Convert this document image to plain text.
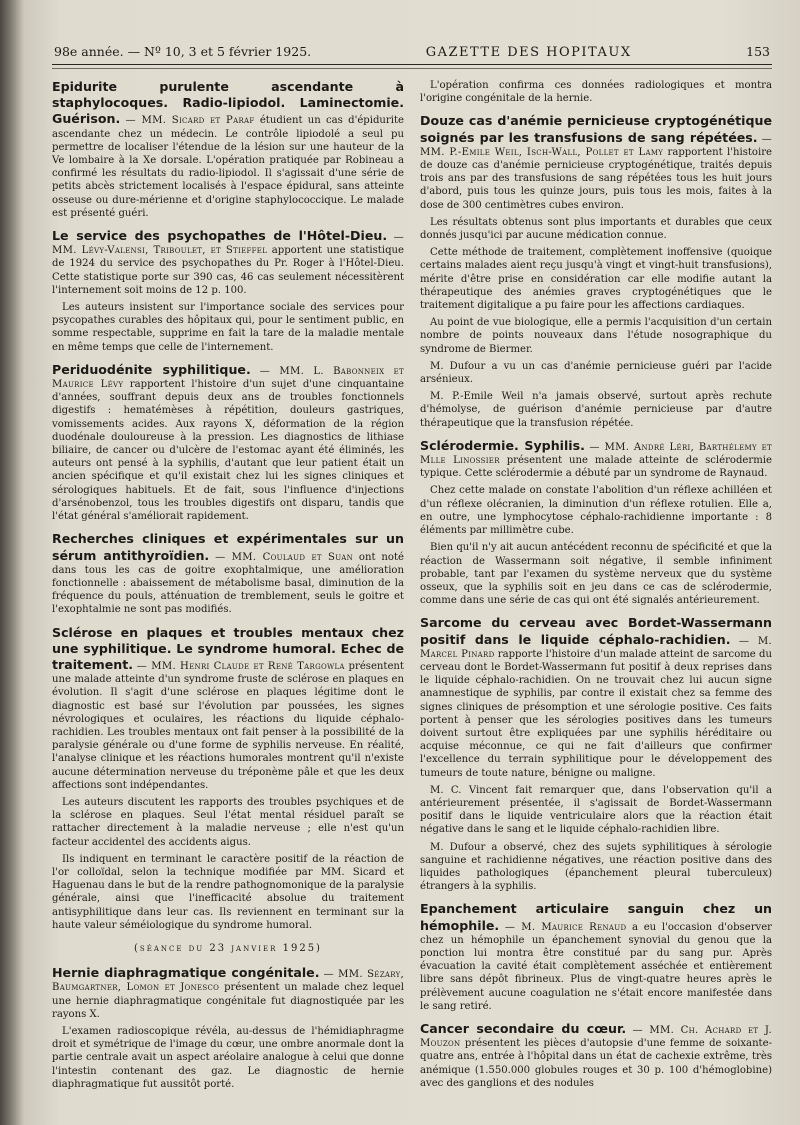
98e année. — Nº 10, 3 et 5 février 1925.	GAZETTE DES HOPITAUX	153

Epidurite purulente ascendante à staphylocoques. Radio-lipiodol. Laminectomie. Guérison. — MM. Sicard et Paraf étudient un cas d'épidurite ascendante chez un médecin. Le contrôle lipiodolé a seul pu permettre de localiser l'étendue de la lésion sur une hauteur de la Ve lombaire à la Xe dorsale. L'opération pratiquée par Robineau a confirmé les résultats du radio-lipiodol. Il s'agissait d'une série de petits abcès strictement localisés à l'espace épidural, sans atteinte osseuse ou dure-mérienne et d'origine staphylococcique. Le malade est présenté guéri.

Le service des psychopathes de l'Hôtel-Dieu. — MM. Lévy-Valensi, Triboulet, et Stieffel apportent une statistique de 1924 du service des psychopathes du Pr. Roger à l'Hôtel-Dieu. Cette statistique porte sur 390 cas, 46 cas seulement nécessitèrent l'internement soit moins de 12 p. 100.

Les auteurs insistent sur l'importance sociale des services pour psycopathes curables des hôpitaux qui, pour le sentiment public, en somme respectable, supprime en fait la tare de la maladie mentale en même temps que celle de l'internement.

Periduodénite syphilitique. — MM. L. Babonneix et Maurice Lévy rapportent l'histoire d'un sujet d'une cinquantaine d'années, souffrant depuis deux ans de troubles fonctionnels digestifs : hematémèses à répétition, douleurs gastriques, vomissements acides. Aux rayons X, déformation de la région duodénale douloureuse à la pression. Les diagnostics de lithiase biliaire, de cancer ou d'ulcère de l'estomac ayant été éliminés, les auteurs ont pensé à la syphilis, d'autant que leur patient était un ancien spécifique et qu'il existait chez lui les signes cliniques et sérologiques habituels. Et de fait, sous l'influence d'injections d'arsénobenzol, tous les troubles digestifs ont disparu, tandis que l'état général s'améliorait rapidement.

Recherches cliniques et expérimentales sur un sérum antithyroïdien. — MM. Coulaud et Suan ont noté dans tous les cas de goitre exophtalmique, une amélioration fonctionnelle : abaissement de métabolisme basal, diminution de la fréquence du pouls, atténuation de tremblement, seuls le goitre et l'exophtalmie ne sont pas modifiés.

Sclérose en plaques et troubles mentaux chez une syphilitique. Le syndrome humoral. Echec de traitement. — MM. Henri Claude et René Targowla présentent une malade atteinte d'un syndrome fruste de sclérose en plaques en évolution. Il s'agit d'une sclérose en plaques légitime dont le diagnostic est basé sur l'évolution par poussées, les signes névrologiques et oculaires, les réactions du liquide céphalo-rachidien. Les troubles mentaux ont fait penser à la possibilité de la paralysie générale ou d'une forme de syphilis nerveuse. En réalité, l'analyse clinique et les réactions humorales montrent qu'il n'existe aucune détermination nerveuse du tréponème pâle et que les deux affections sont indépendantes.

Les auteurs discutent les rapports des troubles psychiques et de la sclérose en plaques. Seul l'état mental résiduel paraît se rattacher directement à la maladie nerveuse ; elle n'est qu'un facteur accidentel des accidents aigus.

Ils indiquent en terminant le caractère positif de la réaction de l'or colloïdal, selon la technique modifiée par MM. Sicard et Haguenau dans le but de la rendre pathognomonique de la paralysie générale, ainsi que l'inefficacité absolue du traitement antisyphilitique dans leur cas. Ils reviennent en terminant sur la haute valeur séméiologique du syndrome humoral.

(séance du 23 janvier 1925)

Hernie diaphragmatique congénitale. — MM. Sézary, Baumgartner, Lomon et Jonesco présentent un malade chez lequel une hernie diaphragmatique congénitale fut diagnostiquée par les rayons X.

L'examen radioscopique révéla, au-dessus de l'hémidiaphragme droit et symétrique de l'image du cœur, une ombre anormale dont la partie centrale avait un aspect aréolaire analogue à celui que donne l'intestin contenant des gaz. Le diagnostic de hernie diaphragmatique fut aussitôt porté.

L'opération confirma ces données radiologiques et montra l'origine congénitale de la hernie.

Douze cas d'anémie pernicieuse cryptogénétique soignés par les transfusions de sang répétées. — MM. P.-Emile Weil, Isch-Wall, Pollet et Lamy rapportent l'histoire de douze cas d'anémie pernicieuse cryptogénétique, traités depuis trois ans par des transfusions de sang répétées tous les huit jours d'abord, puis tous les quinze jours, puis tous les mois, faites à la dose de 300 centimètres cubes environ.

Les résultats obtenus sont plus importants et durables que ceux donnés jusqu'ici par aucune médication connue.

Cette méthode de traitement, complètement inoffensive (quoique certains malades aient reçu jusqu'à vingt et vingt-huit transfusions), mérite d'être prise en considération car elle modifie autant la thérapeutique des anémies graves cryptogénétiques que le traitement digitalique a pu faire pour les affections cardiaques.

Au point de vue biologique, elle a permis l'acquisition d'un certain nombre de points nouveaux dans l'étude nosographique du syndrome de Biermer.

M. Dufour a vu un cas d'anémie pernicieuse guéri par l'acide arsénieux.

M. P.-Emile Weil n'a jamais observé, surtout après rechute d'hémolyse, de guérison d'anémie pernicieuse par d'autre thérapeutique que la transfusion répétée.

Sclérodermie. Syphilis. — MM. André Léri, Barthélemy et Mlle Linossier présentent une malade atteinte de sclérodermie typique. Cette sclérodermie a débuté par un syndrome de Raynaud.

Chez cette malade on constate l'abolition d'un réflexe achilléen et d'un réflexe olécranien, la diminution d'un réflexe rotulien. Elle a, en outre, une lymphocytose céphalo-rachidienne importante : 8 éléments par millimètre cube.

Bien qu'il n'y ait aucun antécédent reconnu de spécificité et que la réaction de Wassermann soit négative, il semble infiniment probable, tant par l'examen du système nerveux que du système osseux, que la syphilis soit en jeu dans ce cas de sclérodermie, comme dans une série de cas qui ont été signalés antérieurement.

Sarcome du cerveau avec Bordet-Wassermann positif dans le liquide céphalo-rachidien. — M. Marcel Pinard rapporte l'histoire d'un malade atteint de sarcome du cerveau dont le Bordet-Wassermann fut positif à deux reprises dans le liquide céphalo-rachidien. On ne trouvait chez lui aucun signe anamnestique de syphilis, par contre il existait chez sa femme des signes cliniques de présomption et une sérologie positive. Ces faits portent à penser que les sérologies positives dans les tumeurs doivent surtout être expliquées par une syphilis héréditaire ou acquise méconnue, ce qui ne fait d'ailleurs que confirmer l'excellence du terrain syphilitique pour le développement des tumeurs de toute nature, bénigne ou maligne.

M. C. Vincent fait remarquer que, dans l'observation qu'il a antérieurement présentée, il s'agissait de Bordet-Wassermann positif dans le liquide ventriculaire alors que la réaction était négative dans le sang et le liquide céphalo-rachidien libre.

M. Dufour a observé, chez des sujets syphilitiques à sérologie sanguine et rachidienne négatives, une réaction positive dans des liquides pathologiques (épanchement pleural tuberculeux) étrangers à la syphilis.

Epanchement articulaire sanguin chez un hémophile. — M. Maurice Renaud a eu l'occasion d'observer chez un hémophile un épanchement synovial du genou que la ponction lui montra être constitué par du sang pur. Après évacuation la cavité était complètement asséchée et entièrement libre sans dépôt fibrineux. Plus de vingt-quatre heures après le prélèvement aucune coagulation ne s'était encore manifestée dans le sang retiré.

Cancer secondaire du cœur. — MM. Ch. Achard et J. Mouzon présentent les pièces d'autopsie d'une femme de soixante-quatre ans, entrée à l'hôpital dans un état de cachexie extrême, très anémique (1.550.000 globules rouges et 30 p. 100 d'hémoglobine) avec des ganglions et des nodules
